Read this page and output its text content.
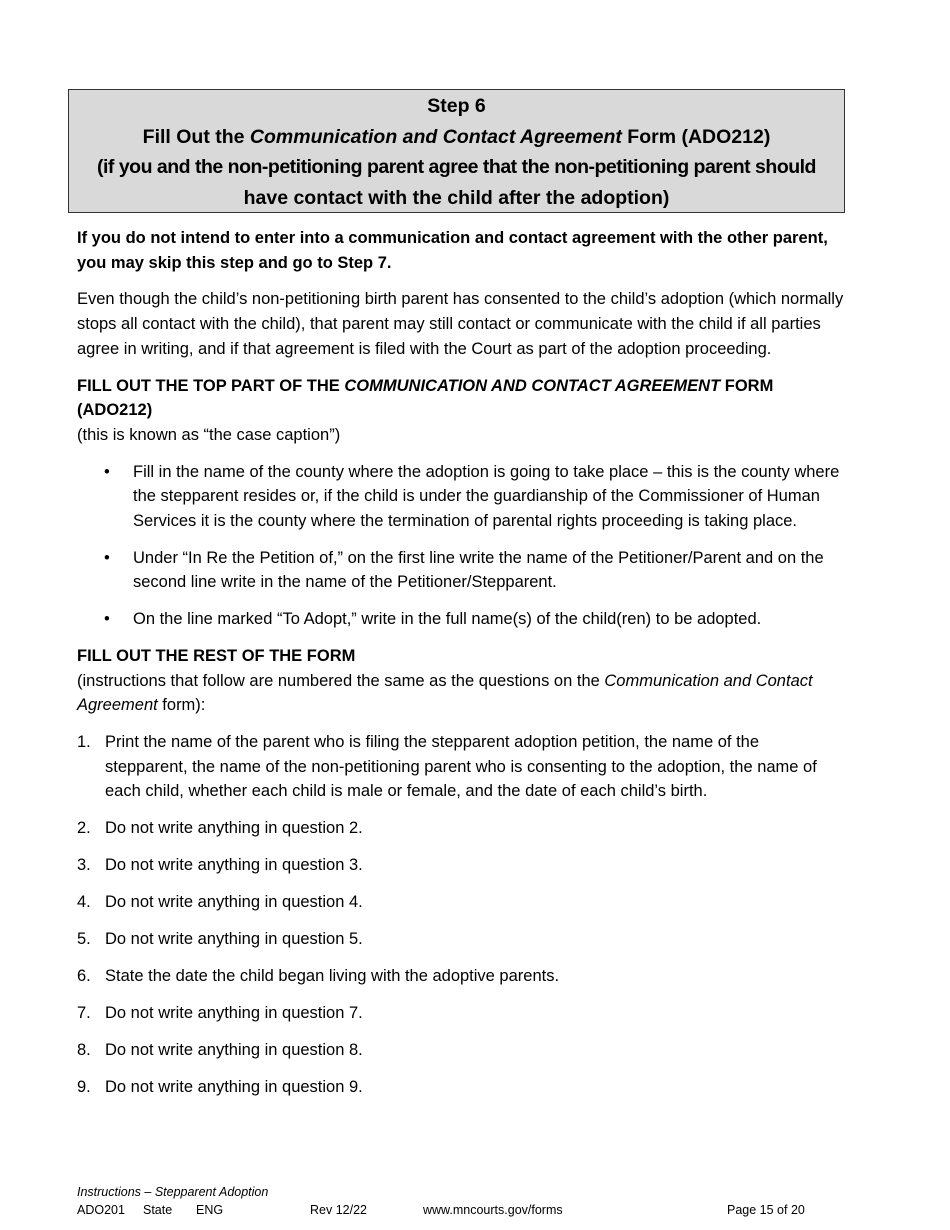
Step 6
Fill Out the Communication and Contact Agreement Form (ADO212)
(if you and the non-petitioning parent agree that the non-petitioning parent should
have contact with the child after the adoption)

If you do not intend to enter into a communication and contact agreement with the other parent, you may skip this step and go to Step 7.

Even though the child’s non-petitioning birth parent has consented to the child’s adoption (which normally stops all contact with the child), that parent may still contact or communicate with the child if all parties agree in writing, and if that agreement is filed with the Court as part of the adoption proceeding.

FILL OUT THE TOP PART OF THE COMMUNICATION AND CONTACT AGREEMENT FORM (ADO212)

(this is known as “the case caption”)

• Fill in the name of the county where the adoption is going to take place – this is the county where the stepparent resides or, if the child is under the guardianship of the Commissioner of Human Services it is the county where the termination of parental rights proceeding is taking place.
• Under “In Re the Petition of,” on the first line write the name of the Petitioner/Parent and on the second line write in the name of the Petitioner/Stepparent.
• On the line marked “To Adopt,” write in the full name(s) of the child(ren) to be adopted.

FILL OUT THE REST OF THE FORM

(instructions that follow are numbered the same as the questions on the Communication and Contact Agreement form):

1. Print the name of the parent who is filing the stepparent adoption petition, the name of the stepparent, the name of the non-petitioning parent who is consenting to the adoption, the name of each child, whether each child is male or female, and the date of each child’s birth.
2. Do not write anything in question 2.
3. Do not write anything in question 3.
4. Do not write anything in question 4.
5. Do not write anything in question 5.
6. State the date the child began living with the adoptive parents.
7. Do not write anything in question 7.
8. Do not write anything in question 8.
9. Do not write anything in question 9.
Instructions – Stepparent Adoption
ADO201 State ENG	Rev 12/22	www.mncourts.gov/forms	Page 15 of 20
